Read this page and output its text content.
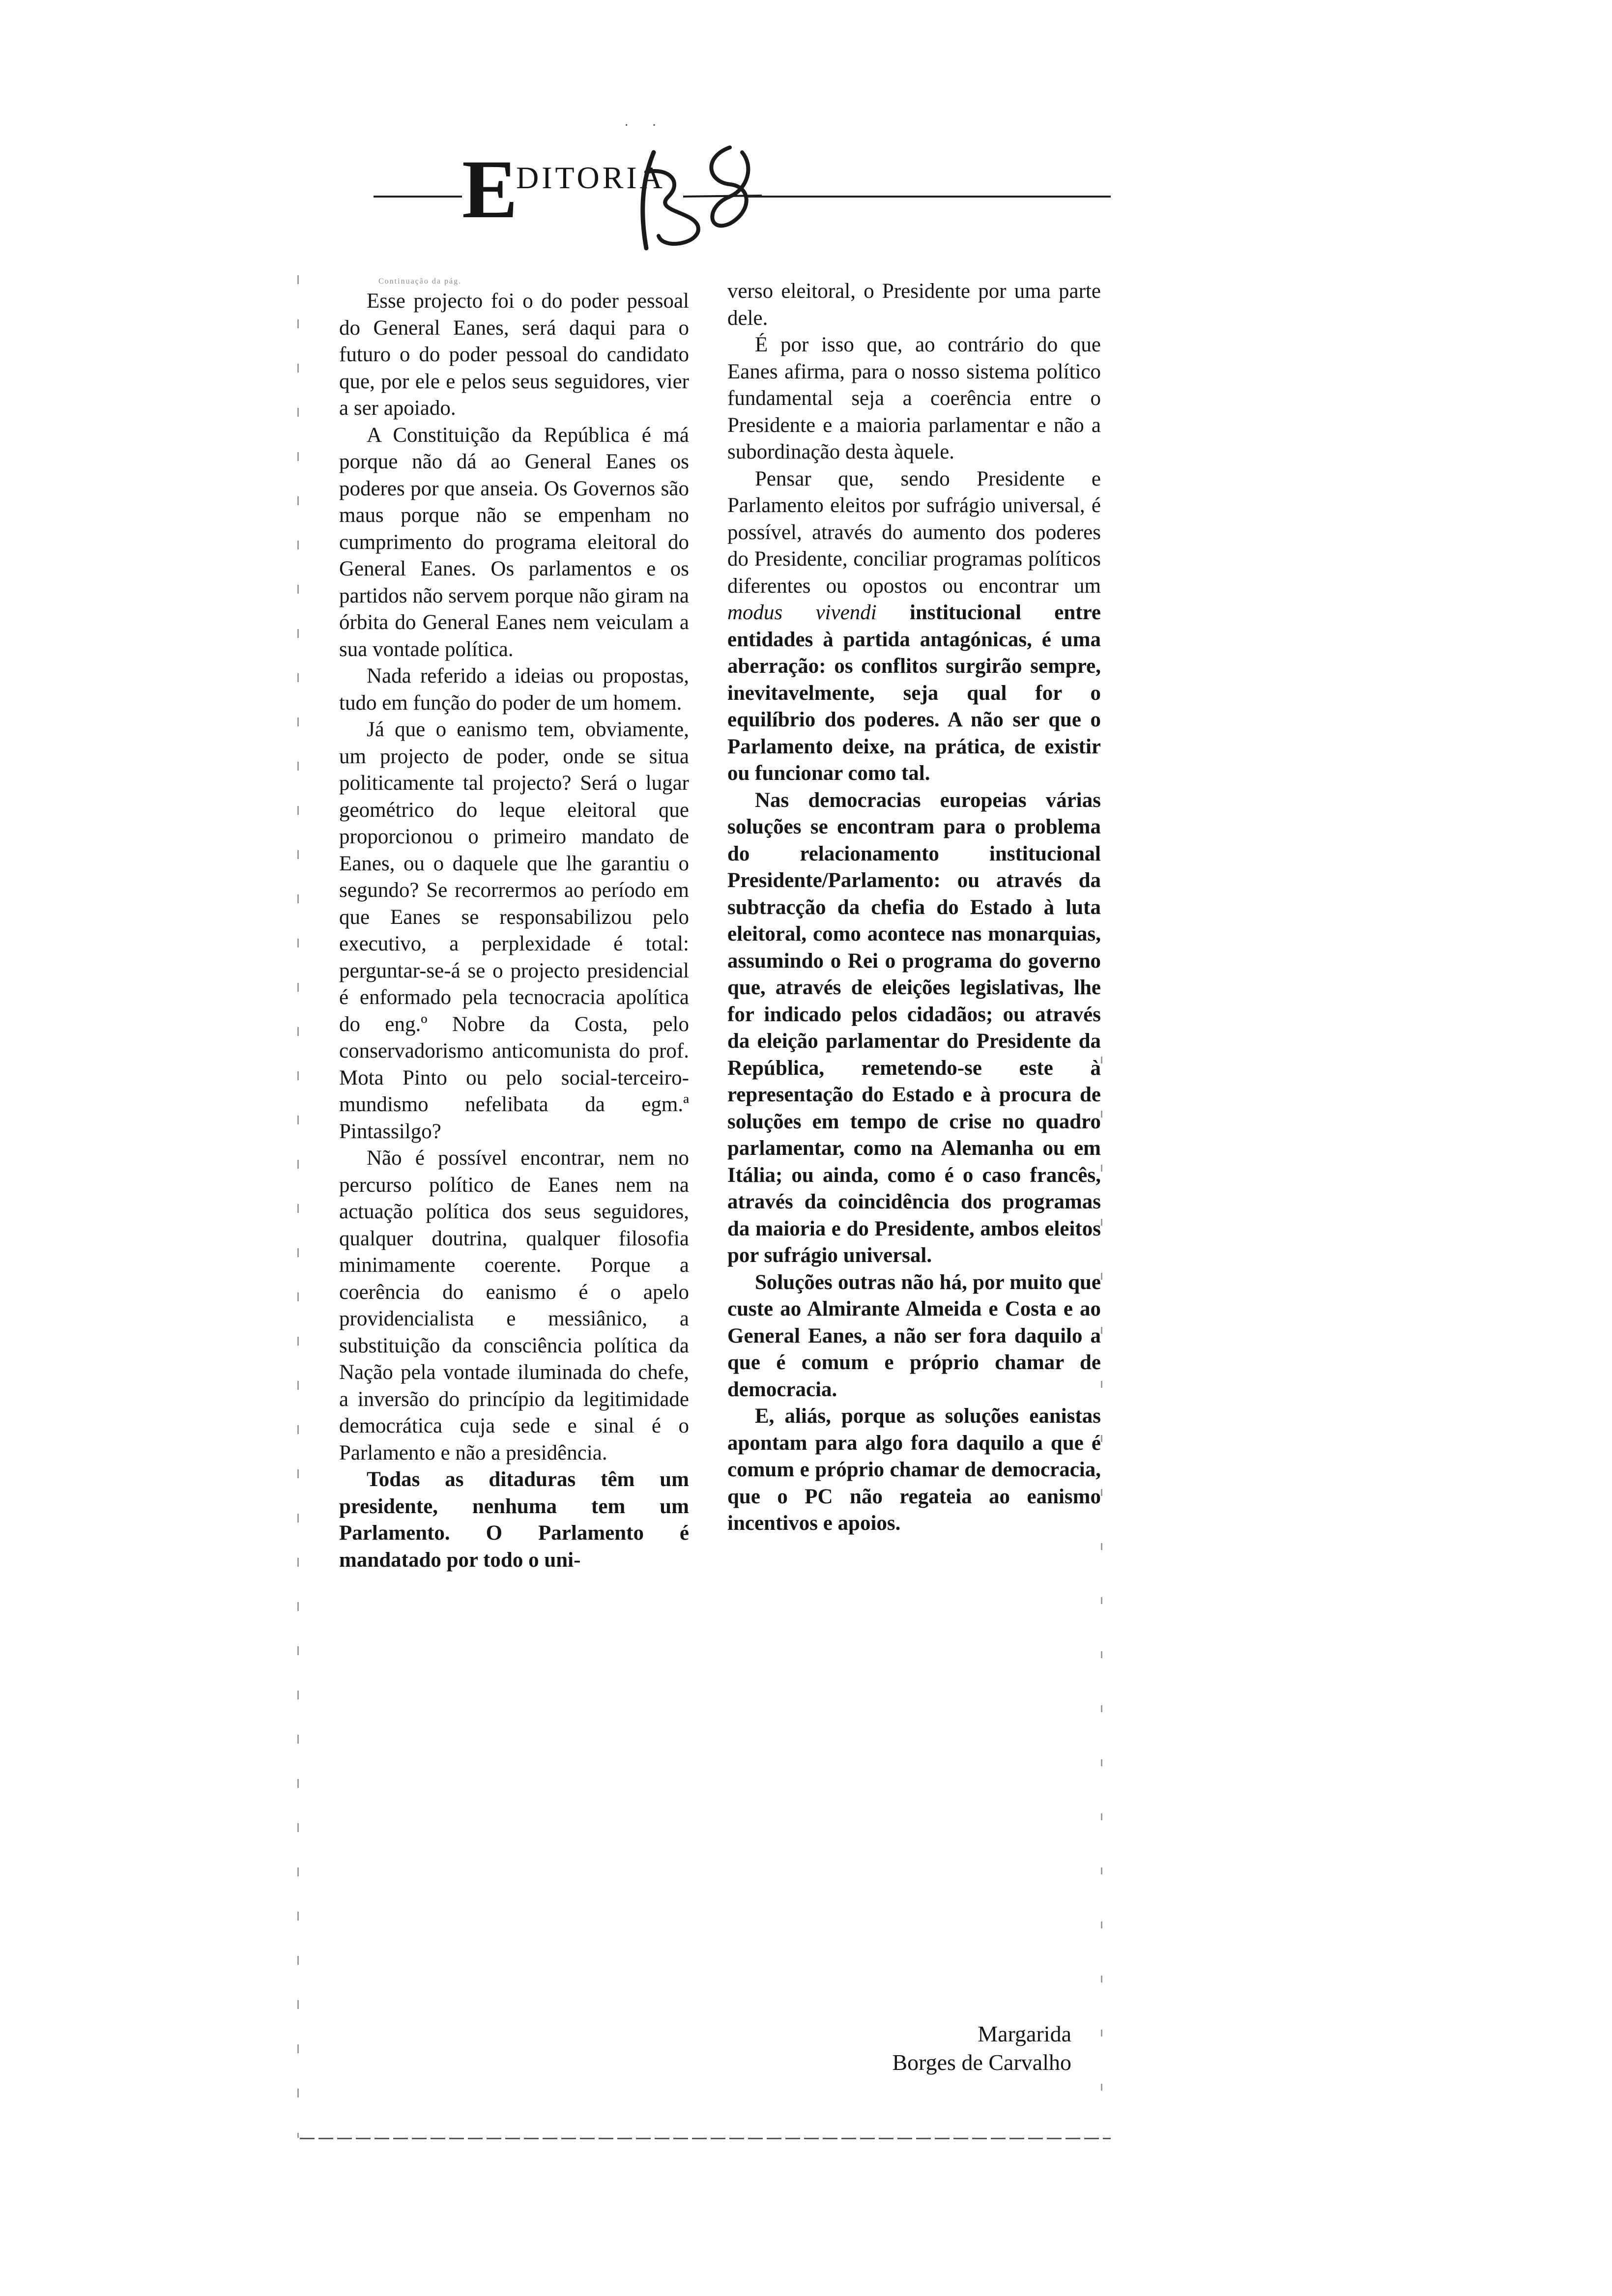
· ·
E
DITORIA
Continuação da pág.

Esse projecto foi o do poder pessoal do General Eanes, será daqui para o futuro o do poder pessoal do candidato que, por ele e pelos seus seguidores, vier a ser apoiado.

A Constituição da República é má porque não dá ao General Eanes os poderes por que anseia. Os Governos são maus porque não se empenham no cumprimento do programa eleitoral do General Eanes. Os parlamentos e os partidos não servem porque não giram na órbita do General Eanes nem veiculam a sua vontade política.

Nada referido a ideias ou propostas, tudo em função do poder de um homem.

Já que o eanismo tem, obviamente, um projecto de poder, onde se situa politicamente tal projecto? Será o lugar geométrico do leque eleitoral que proporcionou o primeiro mandato de Eanes, ou o daquele que lhe garantiu o segundo? Se recorrermos ao período em que Eanes se responsabilizou pelo executivo, a perplexidade é total: perguntar-se-á se o projecto presidencial é enformado pela tecnocracia apolítica do eng.º Nobre da Costa, pelo conservadorismo anticomunista do prof. Mota Pinto ou pelo social-terceiro-mundismo nefelibata da egm.ª Pintassilgo?

Não é possível encontrar, nem no percurso político de Eanes nem na actuação política dos seus seguidores, qualquer doutrina, qualquer filosofia minimamente coerente. Porque a coerência do eanismo é o apelo providencialista e messiânico, a substituição da consciência política da Nação pela vontade iluminada do chefe, a inversão do princípio da legitimidade democrática cuja sede e sinal é o Parlamento e não a presidência.

Todas as ditaduras têm um presidente, nenhuma tem um Parlamento. O Parlamento é mandatado por todo o uni-

verso eleitoral, o Presidente por uma parte dele.

É por isso que, ao contrário do que Eanes afirma, para o nosso sistema político fundamental seja a coerência entre o Presidente e a maioria parlamentar e não a subordinação desta àquele.

Pensar que, sendo Presidente e Parlamento eleitos por sufrágio universal, é possível, através do aumento dos poderes do Presidente, conciliar programas políticos diferentes ou opostos ou encontrar um modus vivendi institucional entre entidades à partida antagónicas, é uma aberração: os conflitos surgirão sempre, inevitavelmente, seja qual for o equilíbrio dos poderes. A não ser que o Parlamento deixe, na prática, de existir ou funcionar como tal.

Nas democracias europeias várias soluções se encontram para o problema do relacionamento institucional Presidente/Parlamento: ou através da subtracção da chefia do Estado à luta eleitoral, como acontece nas monarquias, assumindo o Rei o programa do governo que, através de eleições legislativas, lhe for indicado pelos cidadãos; ou através da eleição parlamentar do Presidente da República, remetendo-se este à representação do Estado e à procura de soluções em tempo de crise no quadro parlamentar, como na Alemanha ou em Itália; ou ainda, como é o caso francês, através da coincidência dos programas da maioria e do Presidente, ambos eleitos por sufrágio universal.

Soluções outras não há, por muito que custe ao Almirante Almeida e Costa e ao General Eanes, a não ser fora daquilo a que é comum e próprio chamar de democracia.

E, aliás, porque as soluções eanistas apontam para algo fora daquilo a que é comum e próprio chamar de democracia, que o PC não regateia ao eanismo incentivos e apoios.

Margarida
Borges de Carvalho
